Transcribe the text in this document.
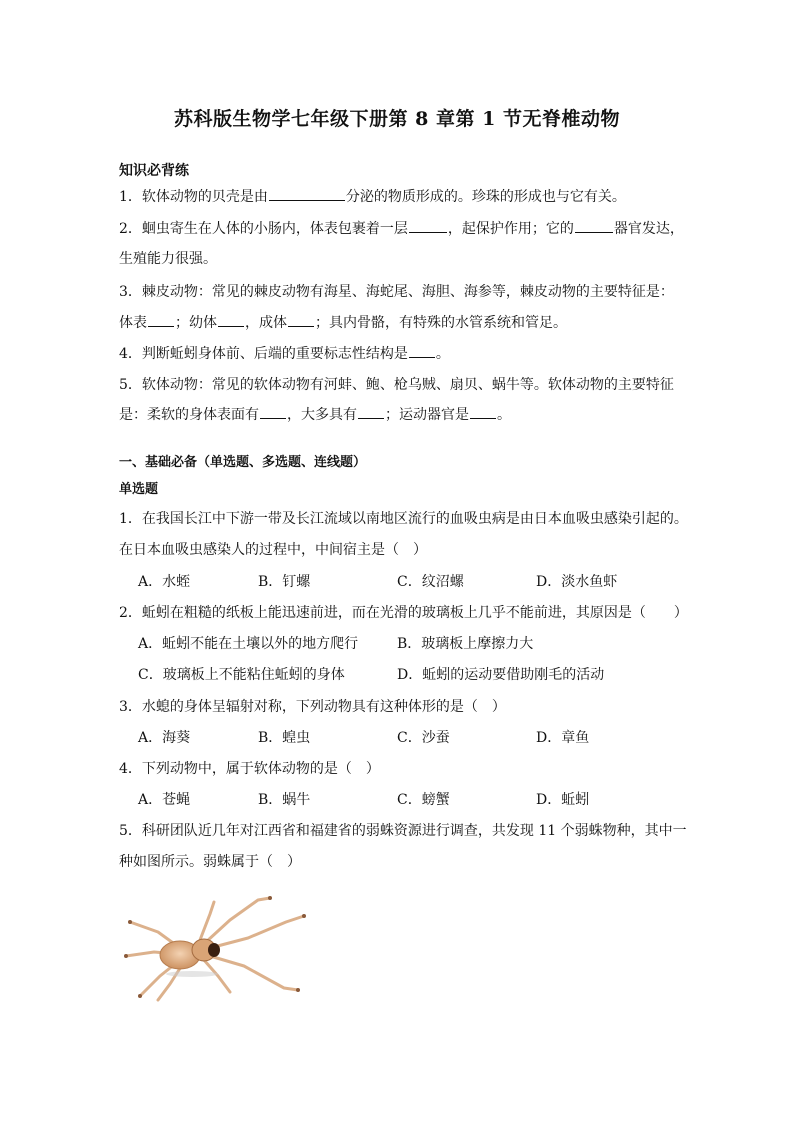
苏科版生物学七年级下册第 8 章第 1 节无脊椎动物
知识必背练
1．软体动物的贝壳是由	分泌的物质形成的。珍珠的形成也与它有关。
2．蛔虫寄生在人体的小肠内，体表包裹着一层	，起保护作用；它的	器官发达，
生殖能力很强。
3．棘皮动物：常见的棘皮动物有海星、海蛇尾、海胆、海参等，棘皮动物的主要特征是：
体表 ；幼体 ，成体 ；具内骨骼，有特殊的水管系统和管足。
4．判断蚯蚓身体前、后端的重要标志性结构是 。
5．软体动物：常见的软体动物有河蚌、鲍、枪乌贼、扇贝、蜗牛等。软体动物的主要特征
是：柔软的身体表面有 ，大多具有 ；运动器官是 。
一、基础必备（单选题、多选题、连线题）
单选题
1．在我国长江中下游一带及长江流域以南地区流行的血吸虫病是由日本血吸虫感染引起的。
在日本血吸虫感染人的过程中，中间宿主是（　）
A．水蛭	B．钉螺	C．纹沼螺	D．淡水鱼虾
2．蚯蚓在粗糙的纸板上能迅速前进，而在光滑的玻璃板上几乎不能前进，其原因是（　　）
A．蚯蚓不能在土壤以外的地方爬行	B．玻璃板上摩擦力大
C．玻璃板上不能粘住蚯蚓的身体	D．蚯蚓的运动要借助刚毛的活动
3．水螅的身体呈辐射对称，下列动物具有这种体形的是（　）
A．海葵	B．蝗虫	C．沙蚕	D．章鱼
4．下列动物中，属于软体动物的是（　）
A．苍蝇	B．蜗牛	C．螃蟹	D．蚯蚓
5．科研团队近几年对江西省和福建省的弱蛛资源进行调查，共发现 11 个弱蛛物种，其中一
种如图所示。弱蛛属于（　）
